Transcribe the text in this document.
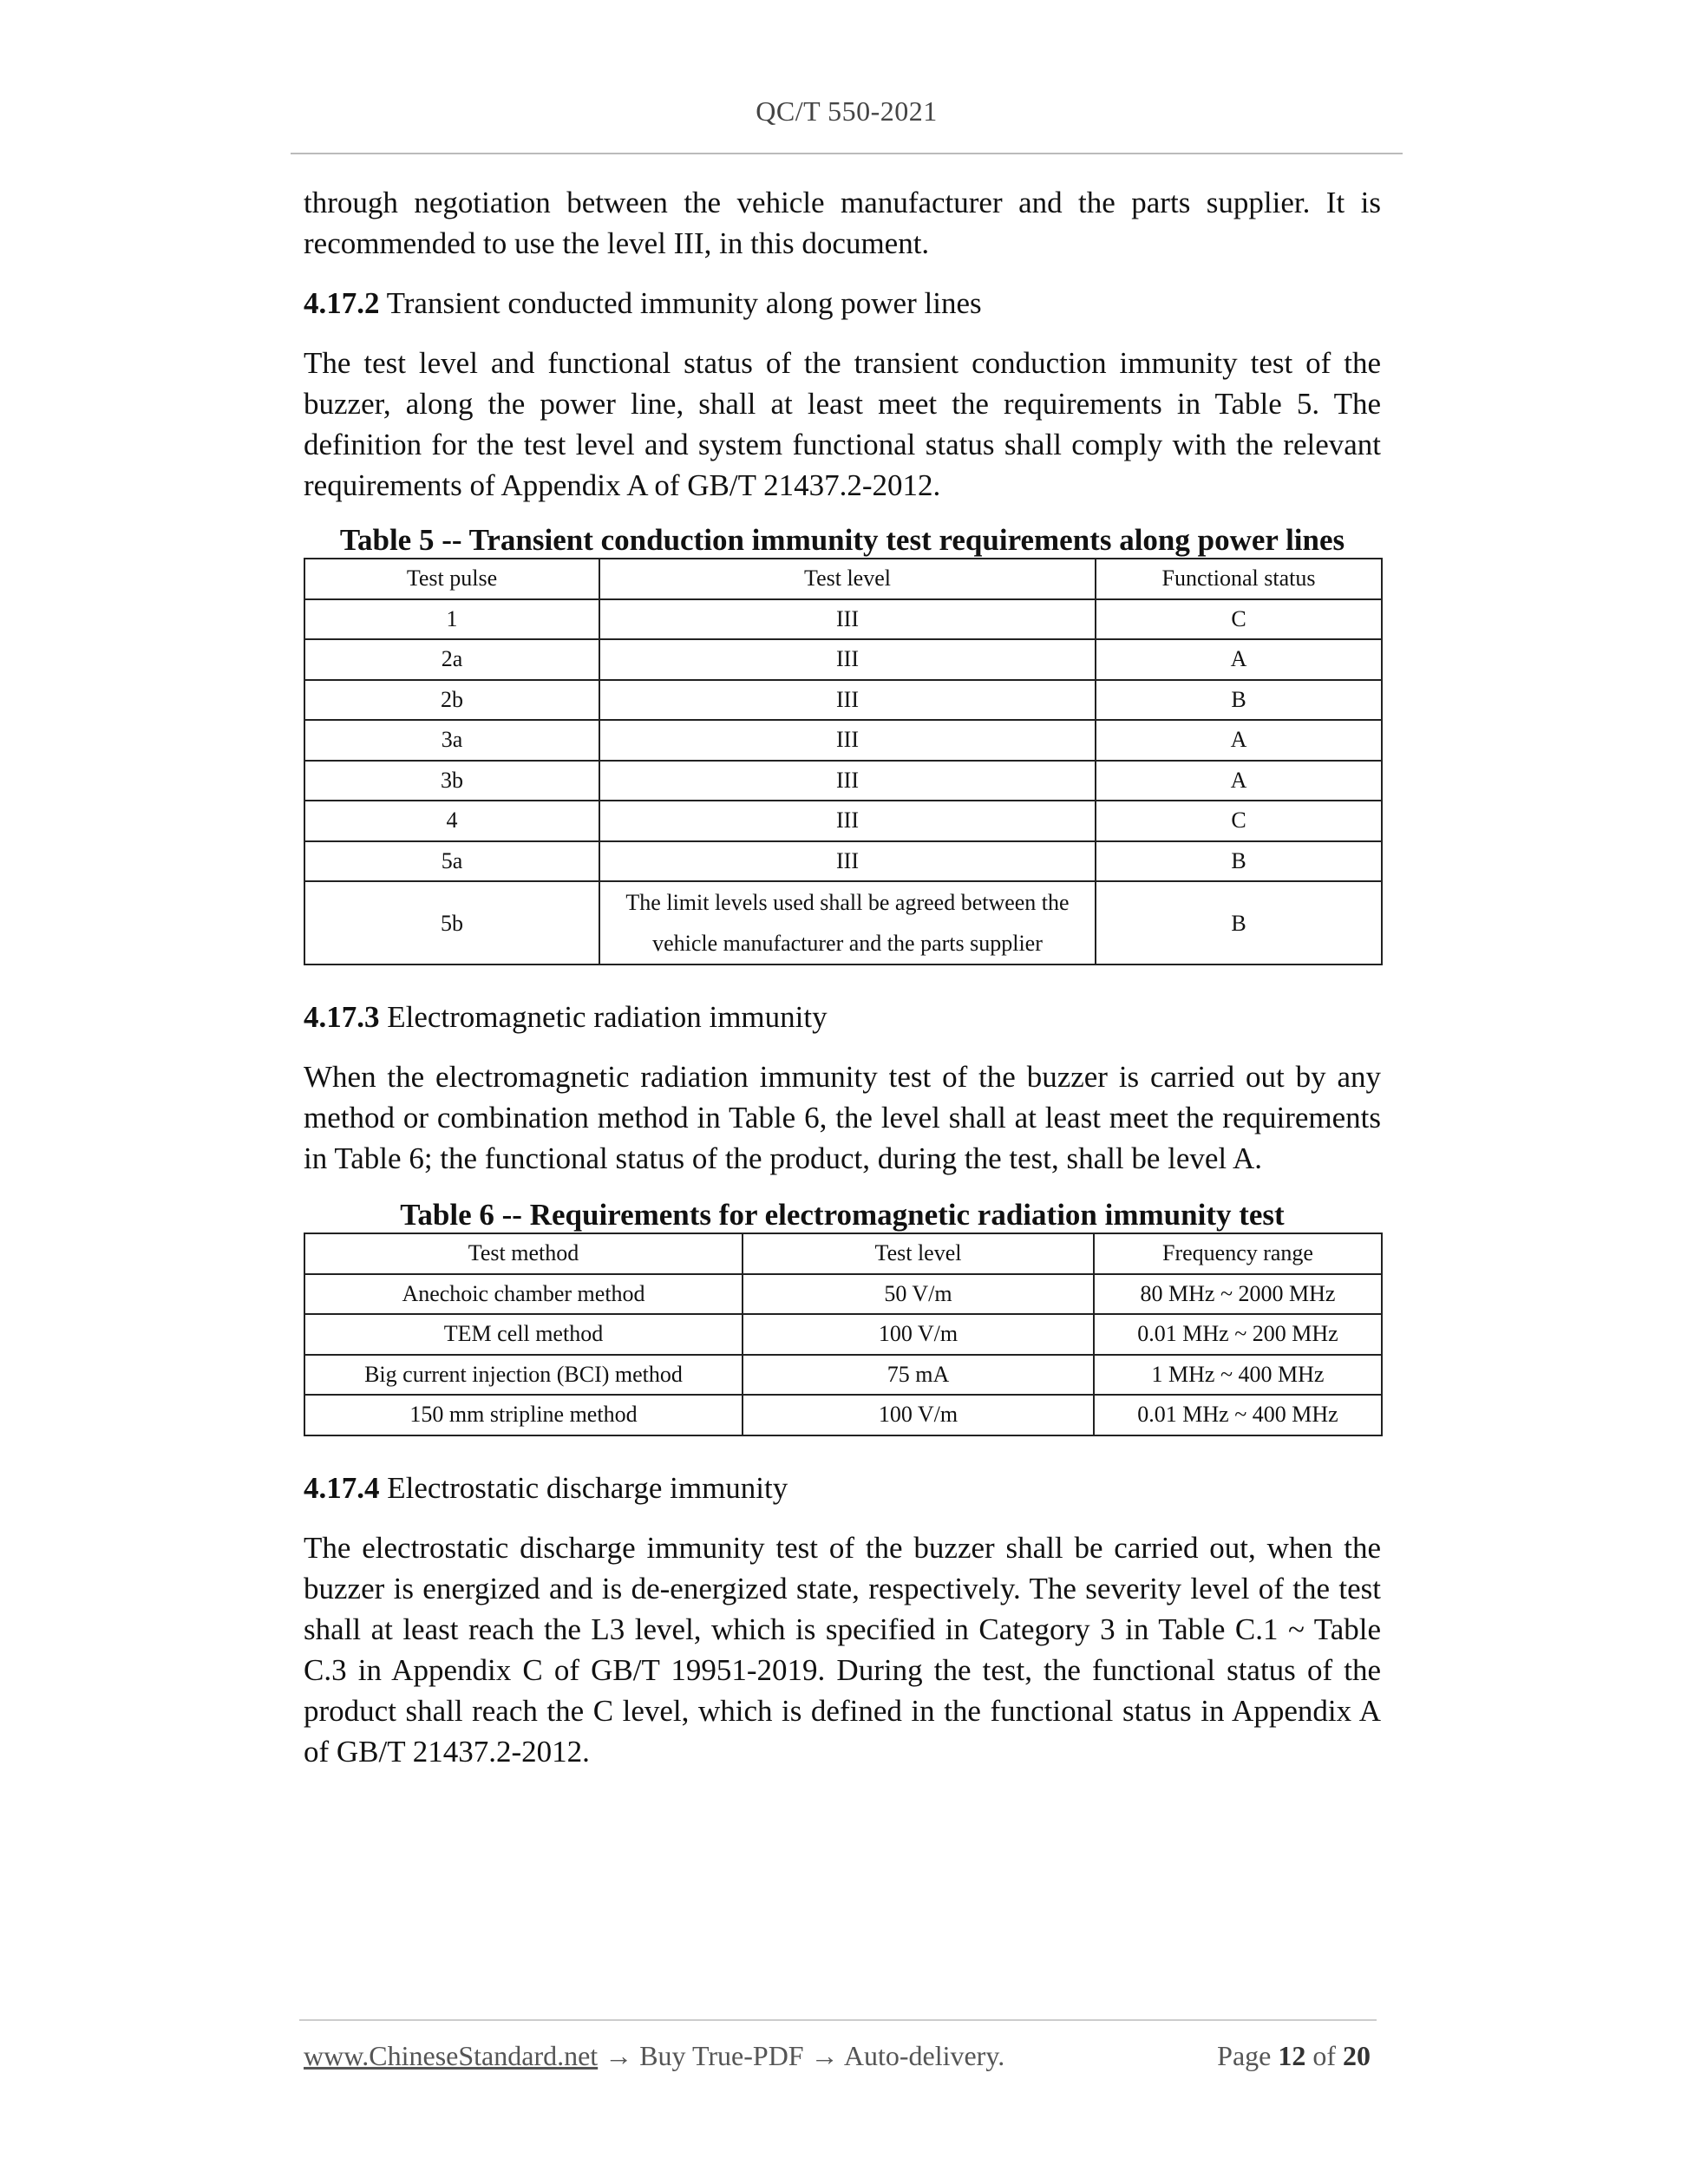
QC/T 550-2021

through negotiation between the vehicle manufacturer and the parts supplier. It is recommended to use the level III, in this document.

4.17.2 Transient conducted immunity along power lines

The test level and functional status of the transient conduction immunity test of the buzzer, along the power line, shall at least meet the requirements in Table 5. The definition for the test level and system functional status shall comply with the relevant requirements of Appendix A of GB/T 21437.2-2012.

Table 5 -- Transient conduction immunity test requirements along power lines

Test pulse	Test level	Functional status
1	III	C
2a	III	A
2b	III	B
3a	III	A
3b	III	A
4	III	C
5a	III	B
5b	The limit levels used shall be agreed between the vehicle manufacturer and the parts supplier	B

4.17.3 Electromagnetic radiation immunity

When the electromagnetic radiation immunity test of the buzzer is carried out by any method or combination method in Table 6, the level shall at least meet the requirements in Table 6; the functional status of the product, during the test, shall be level A.

Table 6 -- Requirements for electromagnetic radiation immunity test

Test method	Test level	Frequency range
Anechoic chamber method	50 V/m	80 MHz ~ 2000 MHz
TEM cell method	100 V/m	0.01 MHz ~ 200 MHz
Big current injection (BCI) method	75 mA	1 MHz ~ 400 MHz
150 mm stripline method	100 V/m	0.01 MHz ~ 400 MHz

4.17.4 Electrostatic discharge immunity

The electrostatic discharge immunity test of the buzzer shall be carried out, when the buzzer is energized and is de-energized state, respectively. The severity level of the test shall at least reach the L3 level, which is specified in Category 3 in Table C.1 ~ Table C.3 in Appendix C of GB/T 19951-2019. During the test, the functional status of the product shall reach the C level, which is defined in the functional status in Appendix A of GB/T 21437.2-2012.

www.ChineseStandard.net → Buy True-PDF → Auto-delivery.	Page 12 of 20
